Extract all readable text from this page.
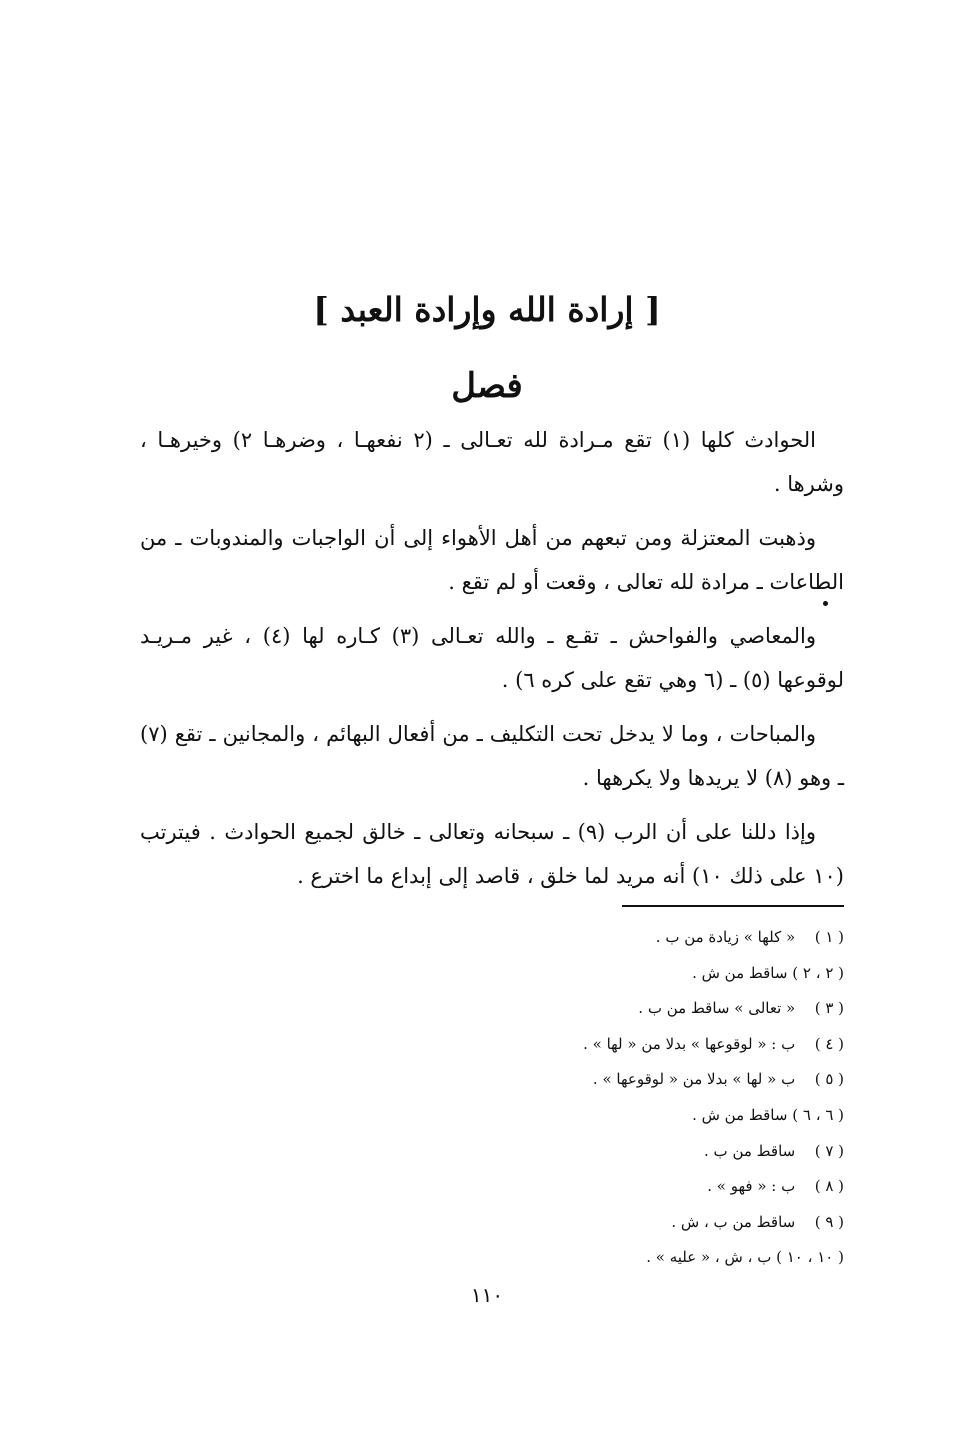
[ إرادة الله وإرادة العبد ]
فصل

الحوادث كلها (١) تقع مـرادة لله تعـالى ـ (٢ نفعهـا ، وضرهـا ٢) وخيرهـا ، وشرها .

وذهبت المعتزلة ومن تبعهم من أهل الأهواء إلى أن الواجبات والمندوبات ـ من الطاعات ـ مرادة لله تعالى ، وقعت أو لم تقع .

والمعاصي والفواحش ـ تقـع ـ والله تعـالى (٣) كـاره لها (٤) ، غير مـريـد لوقوعها (٥) ـ (٦ وهي تقع على كره ٦) .

والمباحات ، وما لا يدخل تحت التكليف ـ من أفعال البهائم ، والمجانين ـ تقع (٧) ـ وهو (٨) لا يريدها ولا يكرهها .

وإذا دللنا على أن الرب (٩) ـ سبحانه وتعالى ـ خالق لجميع الحوادث . فيترتب (١٠ على ذلك ١٠) أنه مريد لما خلق ، قاصد إلى إبداع ما اخترع .

( ١ ) « كلها » زيادة من ب .
( ٢ ، ٢ ) ساقط من ش .
( ٣ ) « تعالى » ساقط من ب .
( ٤ ) ب : « لوقوعها » بدلا من « لها » .
( ٥ ) ب « لها » بدلا من « لوقوعها » .
( ٦ ، ٦ ) ساقط من ش .
( ٧ ) ساقط من ب .
( ٨ ) ب : « فهو » .
( ٩ ) ساقط من ب ، ش .
( ١٠ ، ١٠ ) ب ، ش ، « عليه » .
١١٠
